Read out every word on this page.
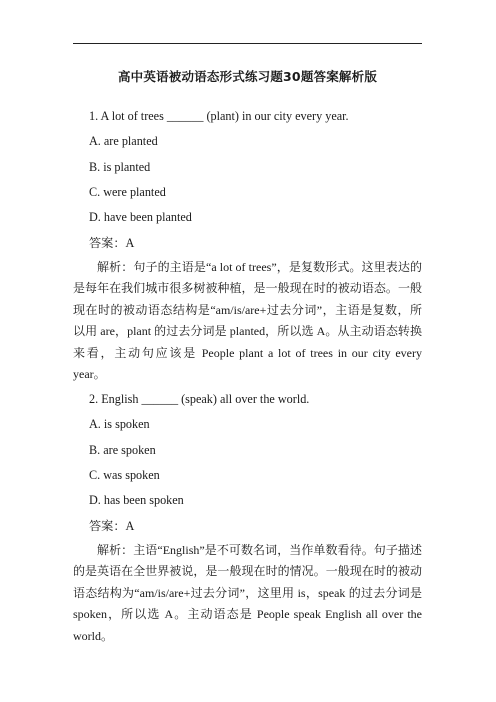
高中英语被动语态形式练习题30题答案解析版
1. A lot of trees ______ (plant) in our city every year.
A. are planted
B. is planted
C. were planted
D. have been planted
答案：A
解析：句子的主语是“a lot of trees”，是复数形式。这里表达的是每年在我们城市很多树被种植，是一般现在时的被动语态。一般现在时的被动语态结构是“am/is/are+过去分词”，主语是复数，所以用 are，plant 的过去分词是 planted，所以选 A。从主动语态转换来看，主动句应该是 People plant a lot of trees in our city every year。
2. English ______ (speak) all over the world.
A. is spoken
B. are spoken
C. was spoken
D. has been spoken
答案：A
解析：主语“English”是不可数名词，当作单数看待。句子描述的是英语在全世界被说，是一般现在时的情况。一般现在时的被动语态结构为“am/is/are+过去分词”，这里用 is，speak 的过去分词是 spoken，所以选 A。主动语态是 People speak English all over the world。
